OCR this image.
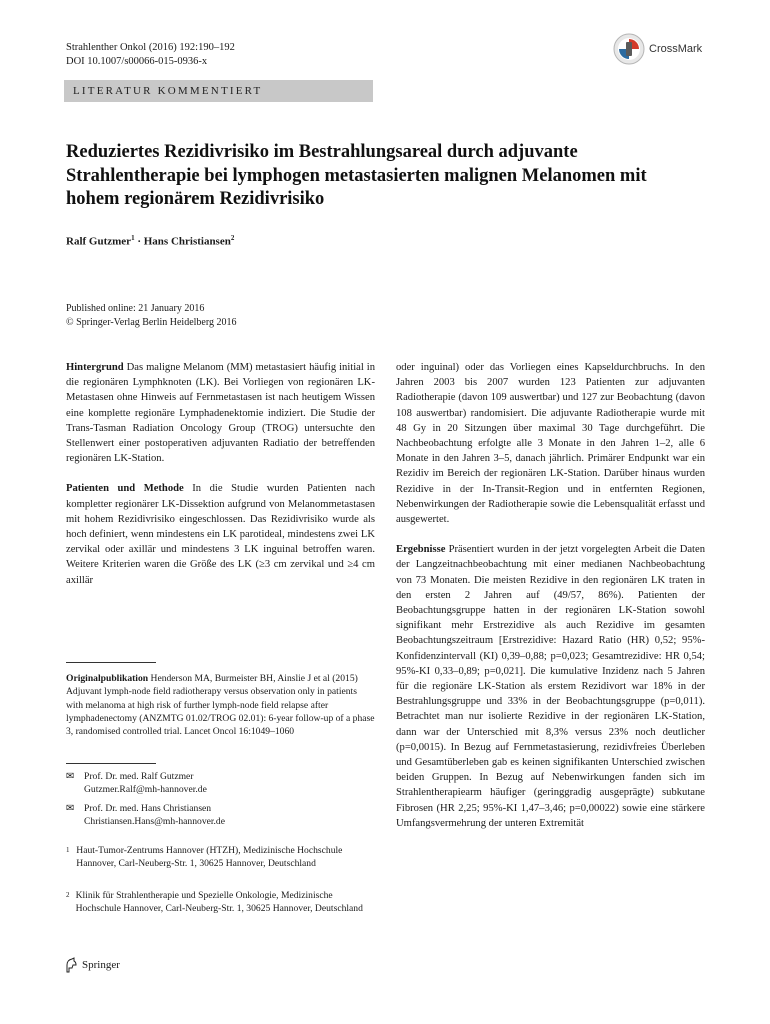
Strahlenther Onkol (2016) 192:190–192
DOI 10.1007/s00066-015-0936-x
CrossMark
LITERATUR KOMMENTIERT
Reduziertes Rezidivrisiko im Bestrahlungsareal durch adjuvante Strahlentherapie bei lymphogen metastasierten malignen Melanomen mit hohem regionärem Rezidivrisiko
Ralf Gutzmer$^1$ · Hans Christiansen$^2$
Published online: 21 January 2016
© Springer-Verlag Berlin Heidelberg 2016

Hintergrund Das maligne Melanom (MM) metastasiert häufig initial in die regionären Lymphknoten (LK). Bei Vorliegen von regionären LK-Metastasen ohne Hinweis auf Fernmetastasen ist nach heutigem Wissen eine komplette regionäre Lymphadenektomie indiziert. Die Studie der Trans-Tasman Radiation Oncology Group (TROG) untersuchte den Stellenwert einer postoperativen adjuvanten Radiatio der betreffenden regionären LK-Station.

Patienten und Methode In die Studie wurden Patienten nach kompletter regionärer LK-Dissektion aufgrund von Melanommetastasen mit hohem Rezidivrisiko eingeschlossen. Das Rezidivrisiko wurde als hoch definiert, wenn mindestens ein LK parotideal, mindestens zwei LK zervikal oder axillär und mindestens 3 LK inguinal betroffen waren. Weitere Kriterien waren die Größe des LK (≥3 cm zervikal und ≥4 cm axillär

oder inguinal) oder das Vorliegen eines Kapseldurchbruchs. In den Jahren 2003 bis 2007 wurden 123 Patienten zur adjuvanten Radiotherapie (davon 109 auswertbar) und 127 zur Beobachtung (davon 108 auswertbar) randomisiert. Die adjuvante Radiotherapie wurde mit 48 Gy in 20 Sitzungen über maximal 30 Tage durchgeführt. Die Nachbeobachtung erfolgte alle 3 Monate in den Jahren 1–2, alle 6 Monate in den Jahren 3–5, danach jährlich. Primärer Endpunkt war ein Rezidiv im Bereich der regionären LK-Station. Darüber hinaus wurden Rezidive in der In-Transit-Region und in entfernten Regionen, Nebenwirkungen der Radiotherapie sowie die Lebensqualität erfasst und ausgewertet.

Ergebnisse Präsentiert wurden in der jetzt vorgelegten Arbeit die Daten der Langzeitnachbeobachtung mit einer medianen Nachbeobachtung von 73 Monaten. Die meisten Rezidive in den regionären LK traten in den ersten 2 Jahren auf (49/57, 86%). Patienten der Beobachtungsgruppe hatten in der regionären LK-Station sowohl signifikant mehr Erstrezidive als auch Rezidive im gesamten Beobachtungszeitraum [Erstrezidive: Hazard Ratio (HR) 0,52; 95%-Konfidenzintervall (KI) 0,39–0,88; p=0,023; Gesamtrezidive: HR 0,54; 95%-KI 0,33–0,89; p=0,021]. Die kumulative Inzidenz nach 5 Jahren für die regionäre LK-Station als erstem Rezidivort war 18% in der Bestrahlungsgruppe und 33% in der Beobachtungsgruppe (p=0,011). Betrachtet man nur isolierte Rezidive in der regionären LK-Station, dann war der Unterschied mit 8,3% versus 23% noch deutlicher (p=0,0015). In Bezug auf Fernmetastasierung, rezidivfreies Überleben und Gesamtüberleben gab es keinen signifikanten Unterschied zwischen beiden Gruppen. In Bezug auf Nebenwirkungen fanden sich im Strahlentherapiearm häufiger (geringgradig ausgeprägte) subkutane Fibrosen (HR 2,25; 95%-KI 1,47–3,46; p=0,00022) sowie eine stärkere Umfangsvermehrung der unteren Extremität

Originalpublikation Henderson MA, Burmeister BH, Ainslie J et al (2015) Adjuvant lymph-node field radiotherapy versus observation only in patients with melanoma at high risk of further lymph-node field relapse after lymphadenectomy (ANZMTG 01.02/TROG 02.01): 6-year follow-up of a phase 3, randomised controlled trial. Lancet Oncol 16:1049–1060
✉	Prof. Dr. med. Ralf Gutzmer
Gutzmer.Ralf@mh-hannover.de
✉	Prof. Dr. med. Hans Christiansen
Christiansen.Hans@mh-hannover.de
1 Haut-Tumor-Zentrums Hannover (HTZH), Medizinische Hochschule Hannover, Carl-Neuberg-Str. 1, 30625 Hannover, Deutschland
2 Klinik für Strahlentherapie und Spezielle Onkologie, Medizinische Hochschule Hannover, Carl-Neuberg-Str. 1, 30625 Hannover, Deutschland
Springer
